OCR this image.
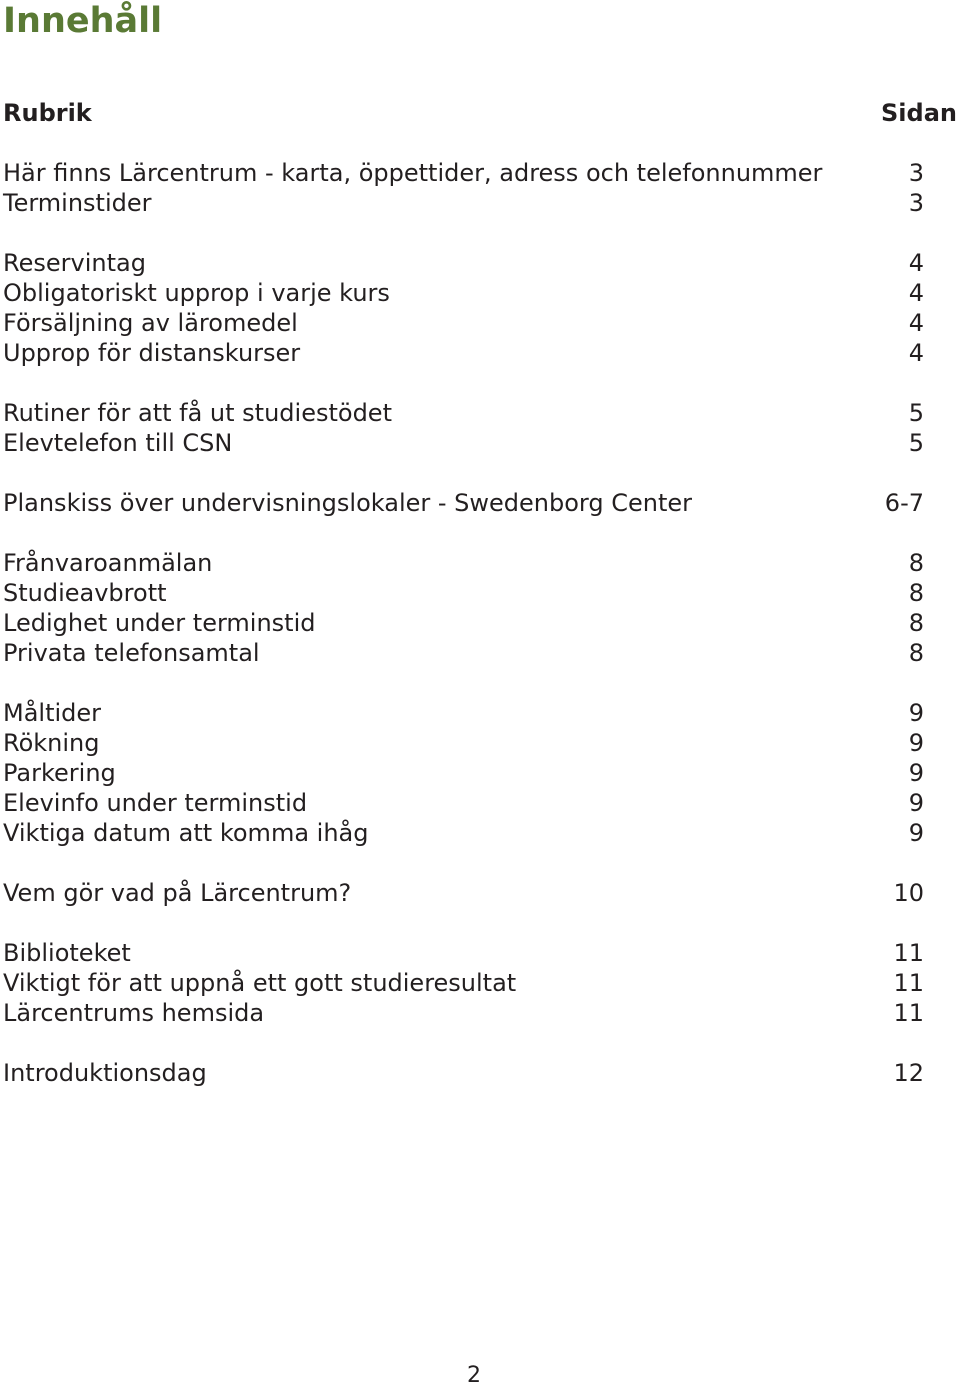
Innehåll
Rubrik	Sidan
Här finns Lärcentrum - karta, öppettider, adress och telefonnummer	3
Terminstider	3
Reservintag	4
Obligatoriskt upprop i varje kurs	4
Försäljning av läromedel	4
Upprop för distanskurser	4
Rutiner för att få ut studiestödet	5
Elevtelefon till CSN	5
Planskiss över undervisningslokaler - Swedenborg Center	6-7
Frånvaroanmälan	8
Studieavbrott	8
Ledighet under terminstid	8
Privata telefonsamtal	8
Måltider	9
Rökning	9
Parkering	9
Elevinfo under terminstid	9
Viktiga datum att komma ihåg	9
Vem gör vad på Lärcentrum?	10
Biblioteket	11
Viktigt för att uppnå ett gott studieresultat	11
Lärcentrums hemsida	11
Introduktionsdag	12
2
